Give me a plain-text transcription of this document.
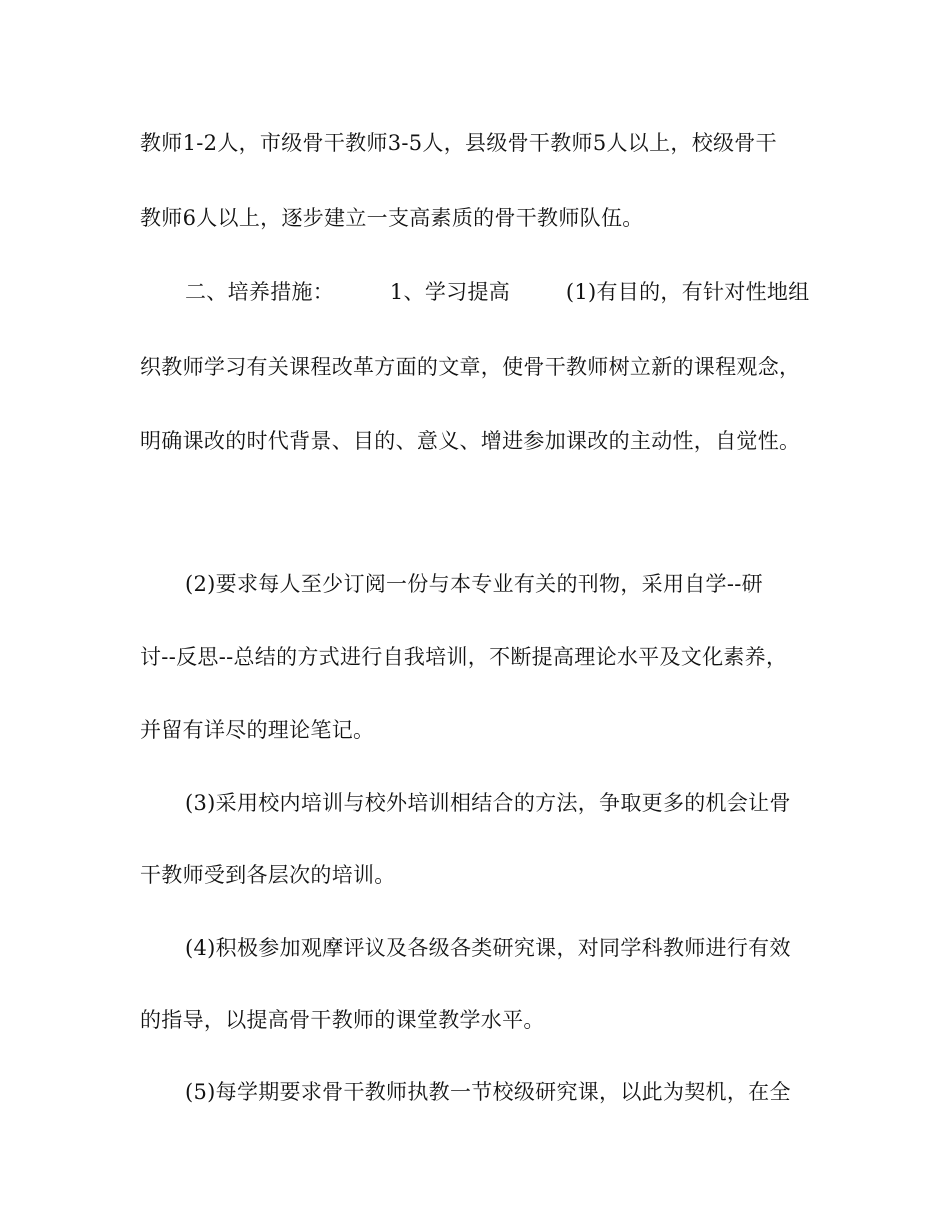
教师1-2人，市级骨干教师3-5人，县级骨干教师5人以上，校级骨干
教师6人以上，逐步建立一支高素质的骨干教师队伍。
二、培养措施：        1、学习提高        (1)有目的，有针对性地组
织教师学习有关课程改革方面的文章，使骨干教师树立新的课程观念，
明确课改的时代背景、目的、意义、增进参加课改的主动性，自觉性。
(2)要求每人至少订阅一份与本专业有关的刊物，采用自学--研
讨--反思--总结的方式进行自我培训，不断提高理论水平及文化素养，
并留有详尽的理论笔记。
(3)采用校内培训与校外培训相结合的方法，争取更多的机会让骨
干教师受到各层次的培训。
(4)积极参加观摩评议及各级各类研究课，对同学科教师进行有效
的指导，以提高骨干教师的课堂教学水平。
(5)每学期要求骨干教师执教一节校级研究课，以此为契机，在全
